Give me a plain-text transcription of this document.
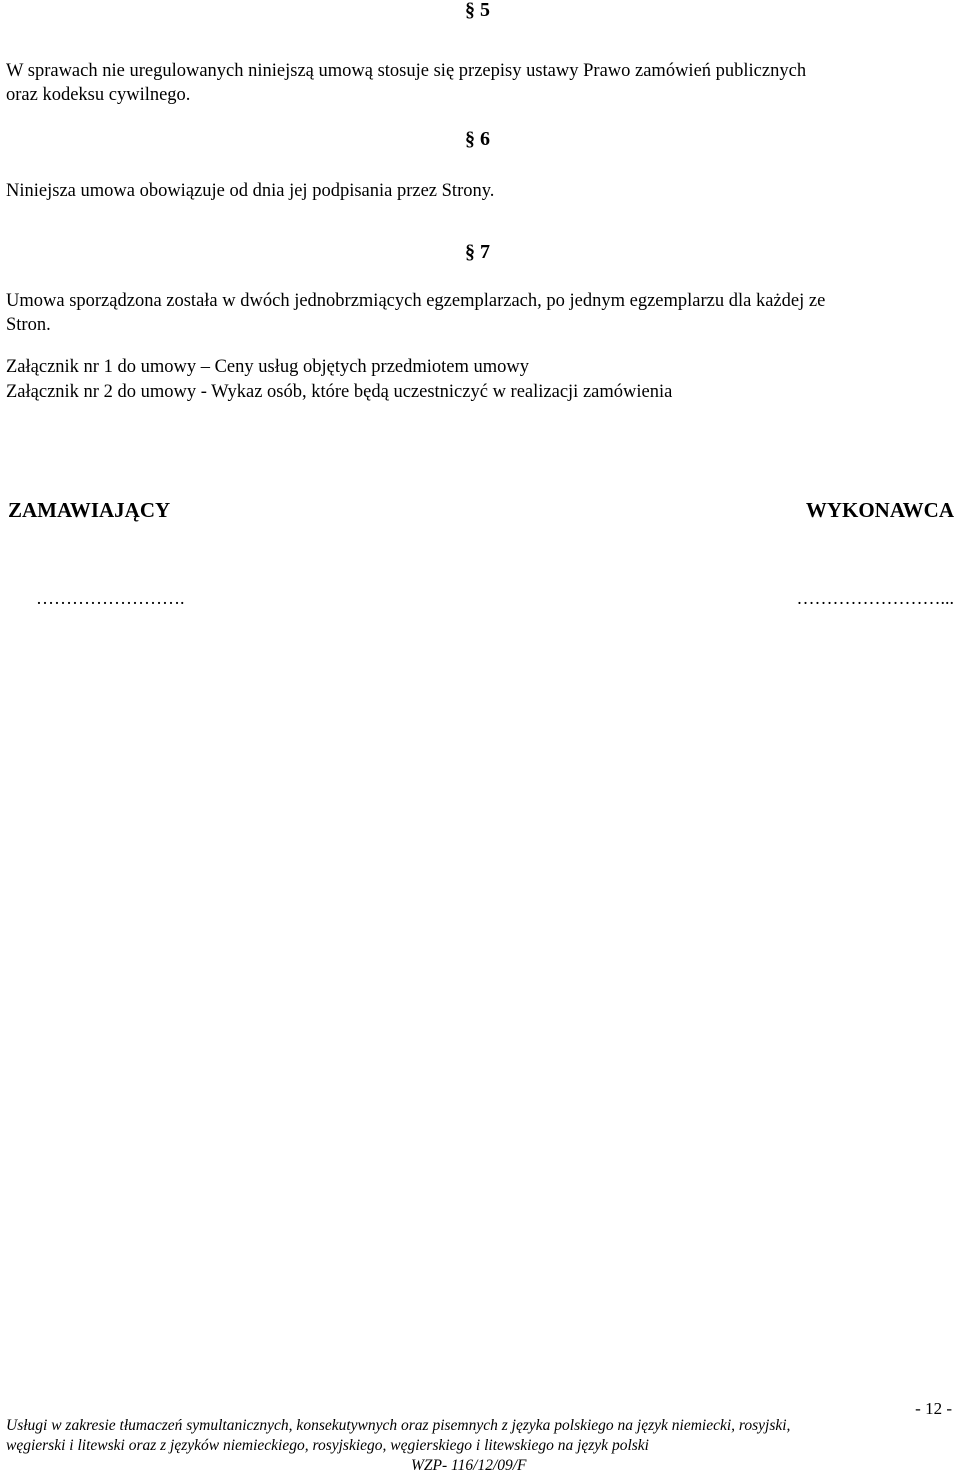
§ 5
W sprawach nie uregulowanych niniejszą umową stosuje się przepisy ustawy Prawo zamówień publicznych
oraz kodeksu cywilnego.
§ 6
Niniejsza umowa obowiązuje od dnia jej podpisania przez Strony.
§ 7
Umowa sporządzona została w dwóch jednobrzmiących egzemplarzach, po jednym egzemplarzu dla każdej ze
Stron.
Załącznik nr 1 do umowy – Ceny usług objętych przedmiotem umowy
Załącznik nr 2 do umowy - Wykaz osób, które będą uczestniczyć w realizacji zamówienia
ZAMAWIAJĄCY	WYKONAWCA
…………………….	……………………...
- 12 -
Usługi w zakresie tłumaczeń symultanicznych, konsekutywnych oraz pisemnych z języka polskiego na język niemiecki, rosyjski,
węgierski i litewski oraz z języków niemieckiego, rosyjskiego, węgierskiego i litewskiego na język polski
WZP- 116/12/09/F
